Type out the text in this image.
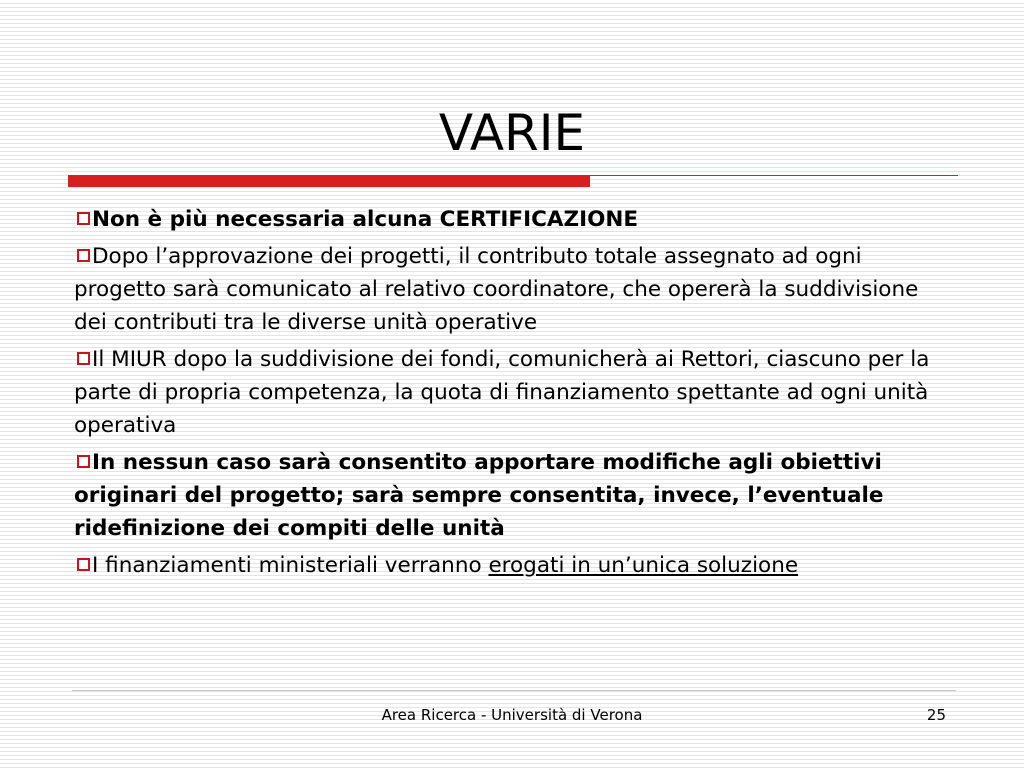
VARIE
Non è più necessaria alcuna CERTIFICAZIONE
Dopo l’approvazione dei progetti, il contributo totale assegnato ad ogni progetto sarà comunicato al relativo coordinatore, che opererà la suddivisione dei contributi tra le diverse unità operative
Il MIUR dopo la suddivisione dei fondi, comunicherà ai Rettori, ciascuno per la parte di propria competenza, la quota di finanziamento spettante ad ogni unità operativa
In nessun caso sarà consentito apportare modifiche agli obiettivi originari del progetto; sarà sempre consentita, invece, l’eventuale ridefinizione dei compiti delle unità
I finanziamenti ministeriali verranno erogati in un’unica soluzione
Area Ricerca - Università di Verona	25
